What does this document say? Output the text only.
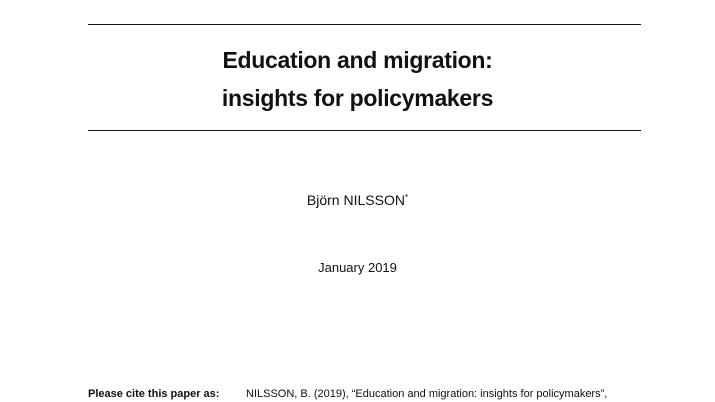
Education and migration:
insights for policymakers
Björn NILSSON*
January 2019
Please cite this paper as: NILSSON, B. (2019), “Education and migration: insights for policymakers”,
